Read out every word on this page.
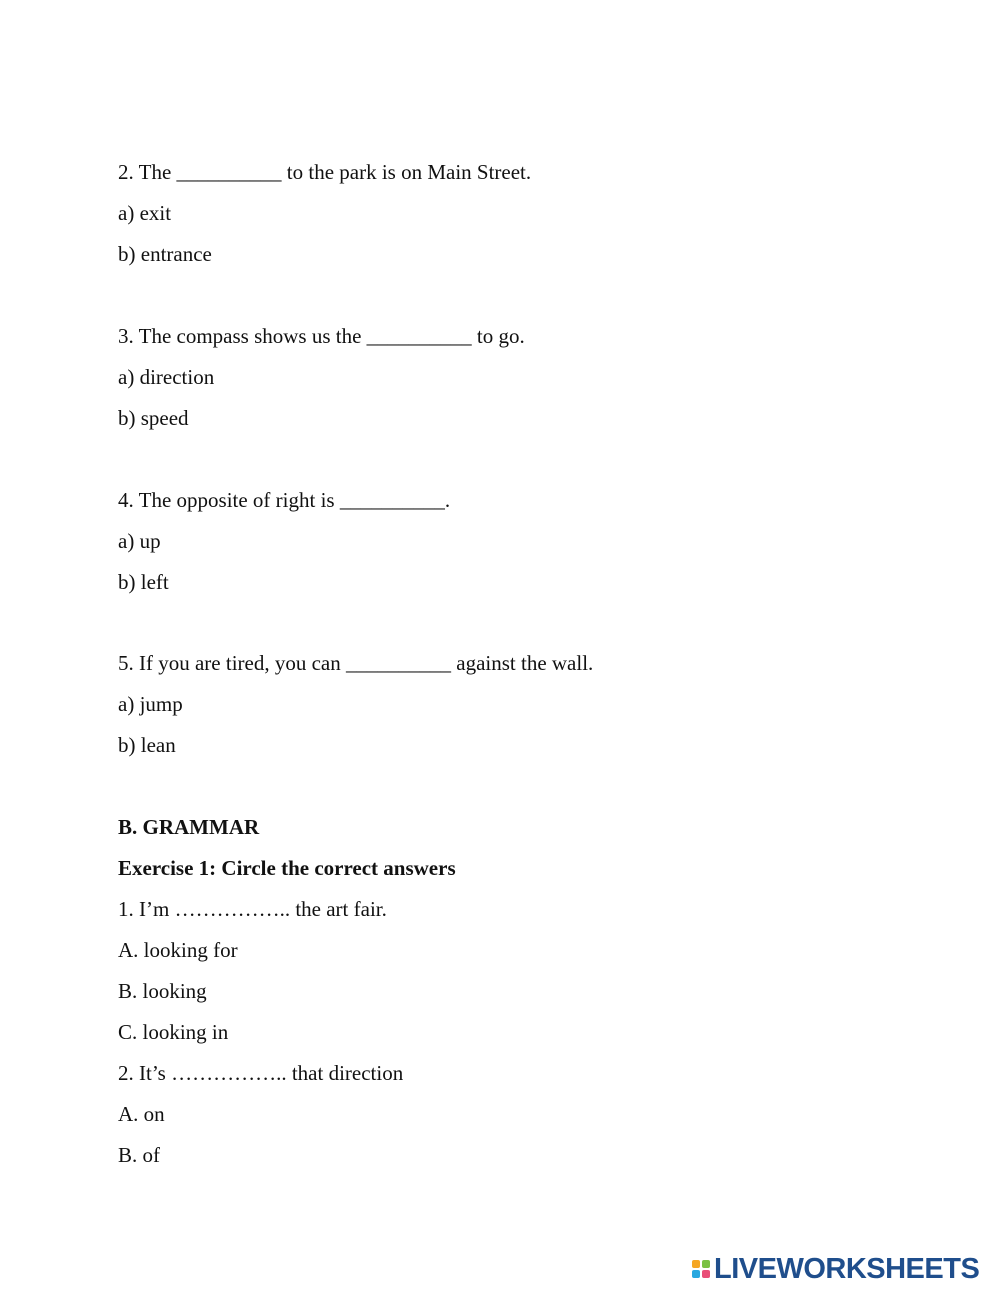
2. The __________ to the park is on Main Street.
a) exit
b) entrance
3. The compass shows us the __________ to go.
a) direction
b) speed
4. The opposite of right is __________.
a) up
b) left
5. If you are tired, you can __________ against the wall.
a) jump
b) lean
B. GRAMMAR
Exercise 1: Circle the correct answers
1. I’m …………….. the art fair.
A. looking for
B. looking
C. looking in
2. It’s …………….. that direction
A. on
B. of
LIVEWORKSHEETS
